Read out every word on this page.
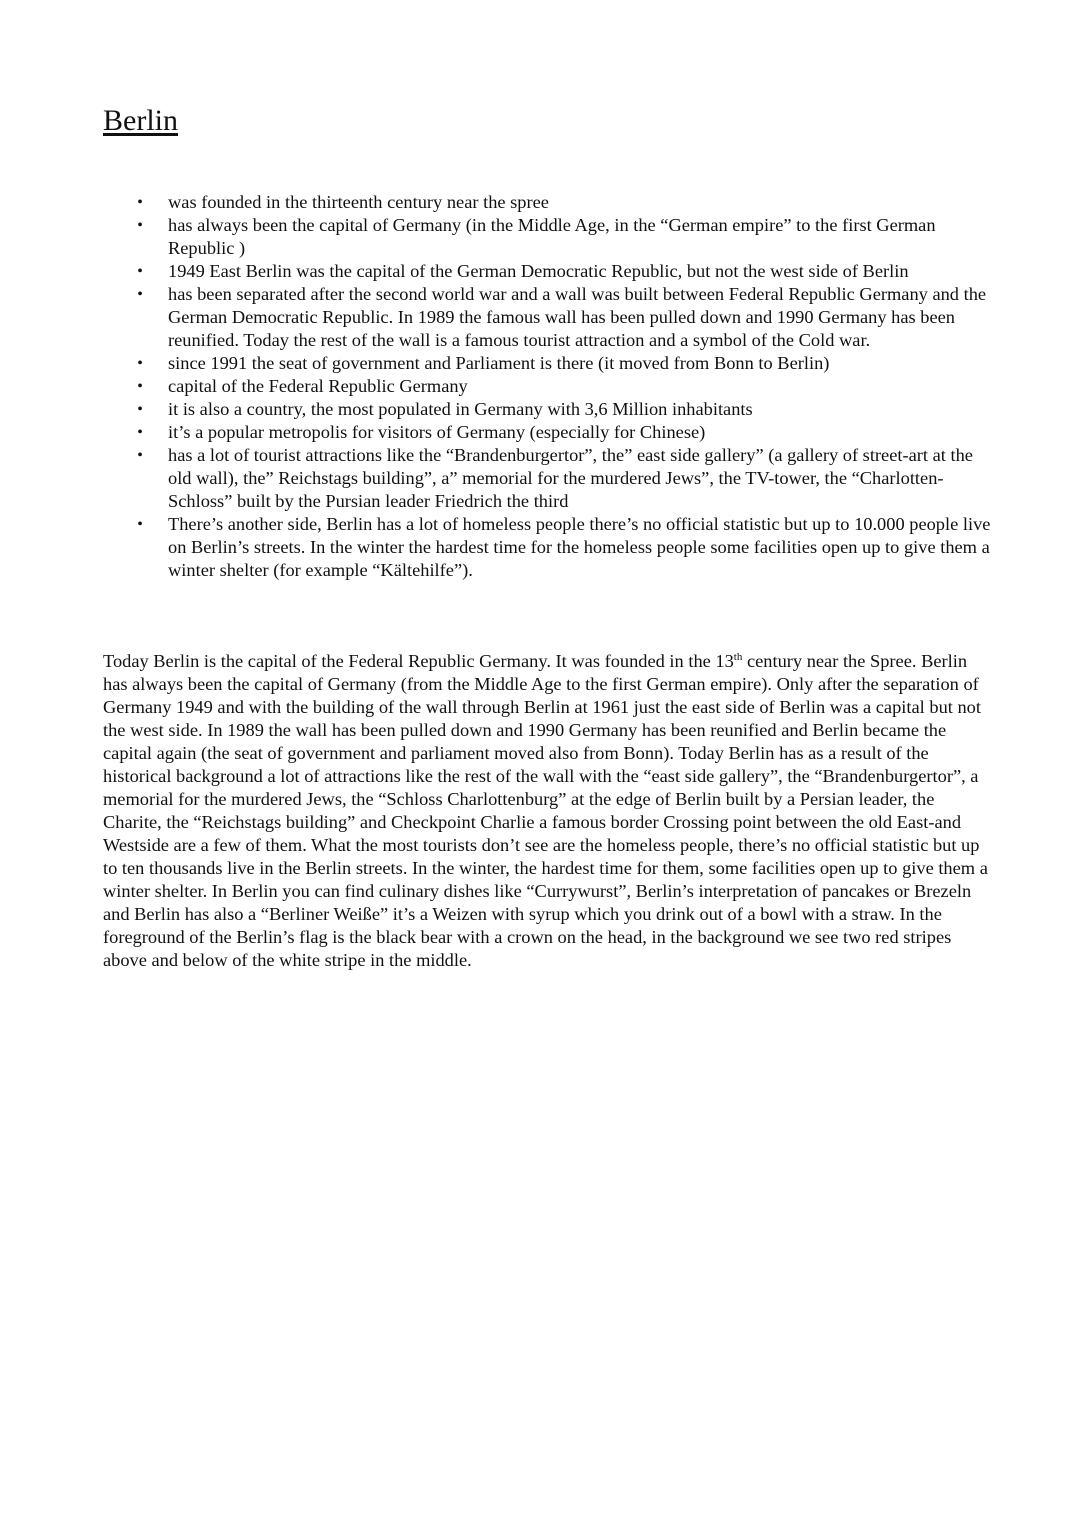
Berlin
• was founded in the thirteenth century near the spree
• has always been the capital of Germany (in the Middle Age, in the “German empire” to the first German Republic )
• 1949 East Berlin was the capital of the German Democratic Republic, but not the west side of Berlin
• has been separated after the second world war and a wall was built between Federal Republic Germany and the German Democratic Republic. In 1989 the famous wall has been pulled down and 1990 Germany has been reunified. Today the rest of the wall is a famous tourist attraction and a symbol of the Cold war.
• since 1991 the seat of government and Parliament is there (it moved from Bonn to Berlin)
• capital of the Federal Republic Germany
• it is also a country, the most populated in Germany with 3,6 Million inhabitants
• it’s a popular metropolis for visitors of Germany (especially for Chinese)
• has a lot of tourist attractions like the “Brandenburgertor”, the” east side gallery” (a gallery of street-art at the old wall), the” Reichstags building”, a” memorial for the murdered Jews”, the TV-tower, the “Charlotten-Schloss” built by the Pursian leader Friedrich the third
• There’s another side, Berlin has a lot of homeless people there’s no official statistic but up to 10.000 people live on Berlin’s streets. In the winter the hardest time for the homeless people some facilities open up to give them a winter shelter (for example “Kältehilfe”).

Today Berlin is the capital of the Federal Republic Germany. It was founded in the 13th century near the Spree. Berlin has always been the capital of Germany (from the Middle Age to the first German empire). Only after the separation of Germany 1949 and with the building of the wall through Berlin at 1961 just the east side of Berlin was a capital but not the west side. In 1989 the wall has been pulled down and 1990 Germany has been reunified and Berlin became the capital again (the seat of government and parliament moved also from Bonn). Today Berlin has as a result of the historical background a lot of attractions like the rest of the wall with the “east side gallery”, the “Brandenburgertor”, a memorial for the murdered Jews, the “Schloss Charlottenburg” at the edge of Berlin built by a Persian leader, the Charite, the “Reichstags building” and Checkpoint Charlie a famous border Crossing point between the old East-and Westside are a few of them. What the most tourists don’t see are the homeless people, there’s no official statistic but up to ten thousands live in the Berlin streets. In the winter, the hardest time for them, some facilities open up to give them a winter shelter. In Berlin you can find culinary dishes like “Currywurst”, Berlin’s interpretation of pancakes or Brezeln and Berlin has also a “Berliner Weiße” it’s a Weizen with syrup which you drink out of a bowl with a straw. In the foreground of the Berlin’s flag is the black bear with a crown on the head, in the background we see two red stripes above and below of the white stripe in the middle.
